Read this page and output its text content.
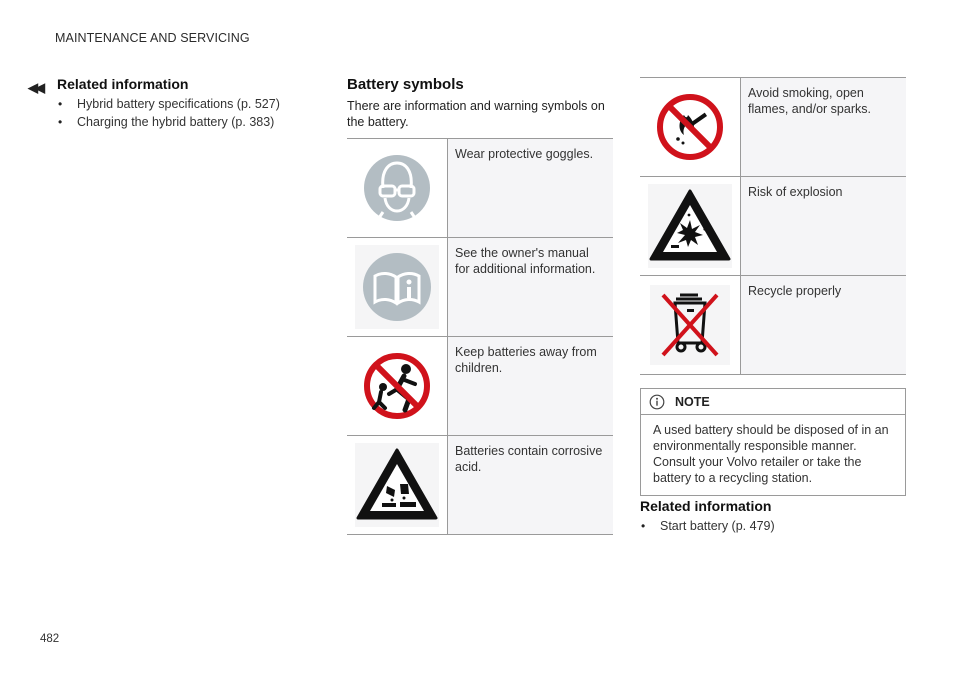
MAINTENANCE AND SERVICING
◀◀ Related information
• Hybrid battery specifications (p. 527)
• Charging the hybrid battery (p. 383)
Battery symbols

There are information and warning symbols on the battery.

Wear protective goggles.
See the owner's manual for additional information.
Keep batteries away from children.
Batteries contain corrosive acid.
Avoid smoking, open flames, and/or sparks.
Risk of explosion
Recycle properly
NOTE
A used battery should be disposed of in an environmentally responsible manner. Consult your Volvo retailer or take the battery to a recycling station.
Related information
• Start battery (p. 479)
482
